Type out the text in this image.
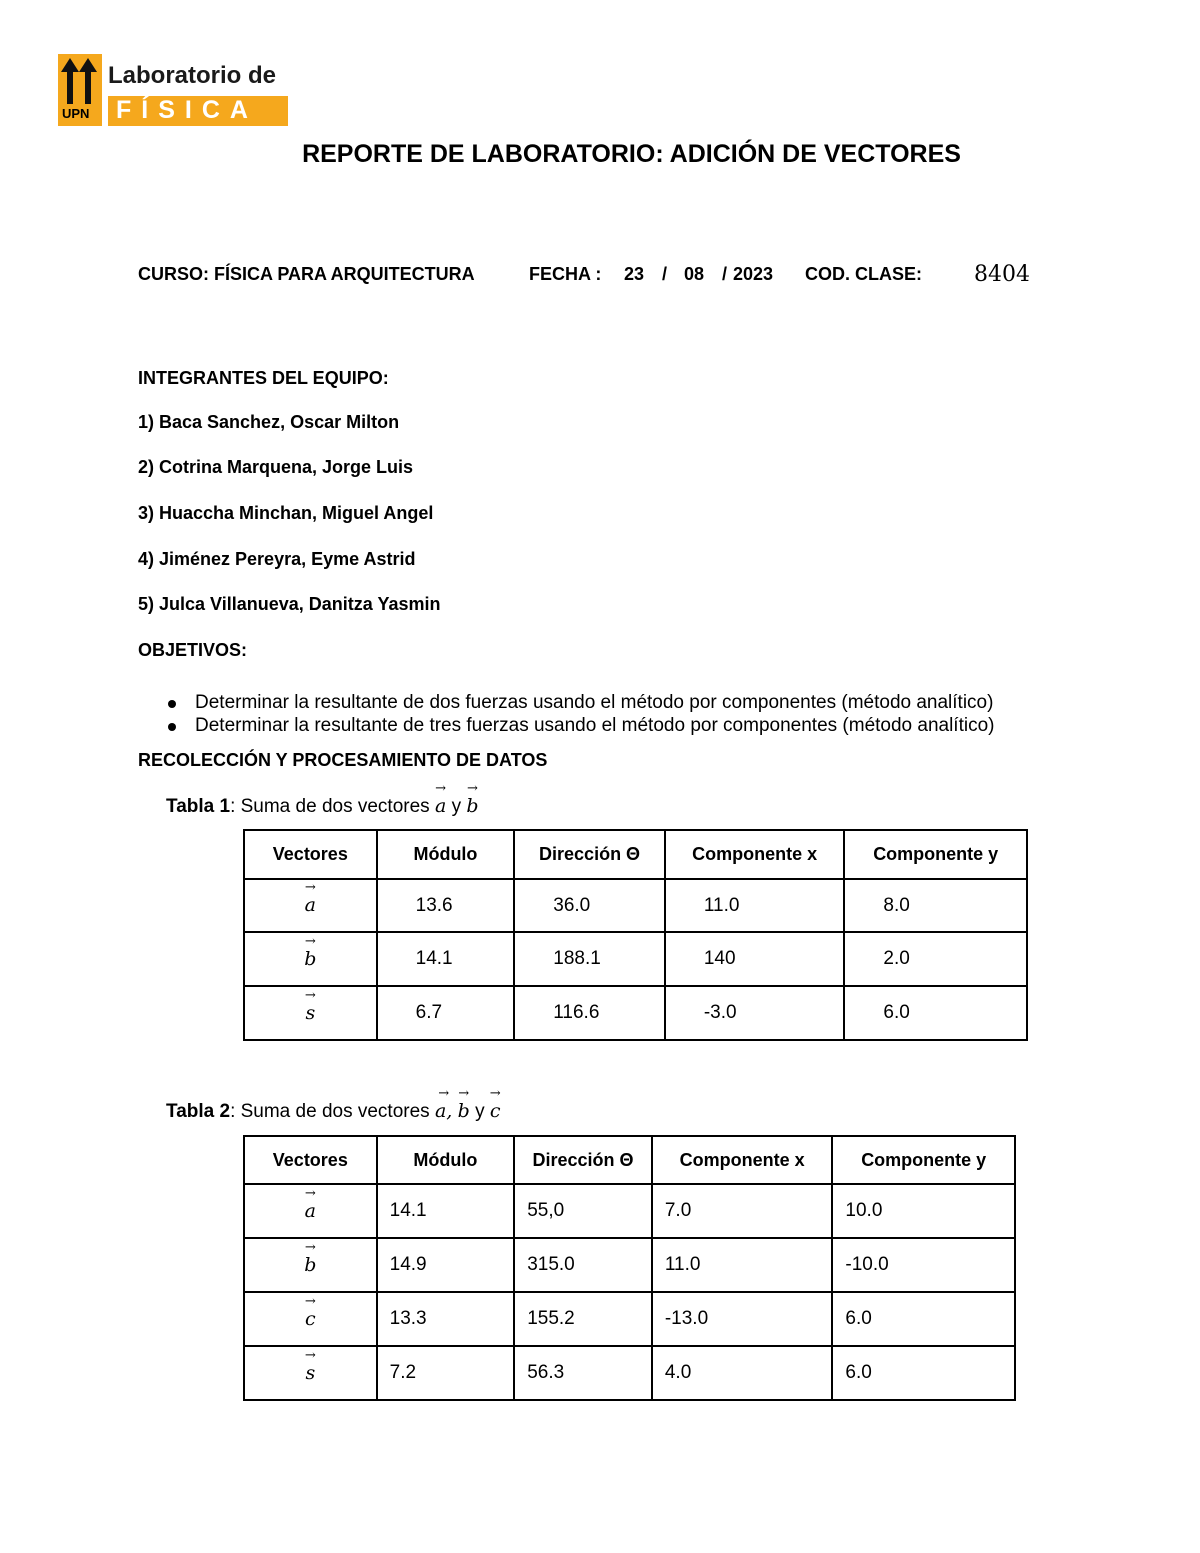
UPN
Laboratorio de
FÍSICA
REPORTE DE LABORATORIO: ADICIÓN DE VECTORES
CURSO: FÍSICA PARA ARQUITECTURA	FECHA : 23 / 08 / 2023 COD. CLASE: 8404
INTEGRANTES DEL EQUIPO:
1) Baca Sanchez, Oscar Milton
2) Cotrina Marquena, Jorge Luis
3) Huaccha Minchan, Miguel Angel
4) Jiménez Pereyra, Eyme Astrid
5) Julca Villanueva, Danitza Yasmin
OBJETIVOS:
Determinar la resultante de dos fuerzas usando el método por componentes (método analítico)
Determinar la resultante de tres fuerzas usando el método por componentes (método analítico)
RECOLECCIÓN Y PROCESAMIENTO DE DATOS
Tabla 1: Suma de dos vectores → a y → b
Vectores	Módulo	Dirección Θ	Componente x	Componente y
→ a	13.6	36.0	11.0	8.0
→ b	14.1	188.1	140	2.0
→ s	6.7	116.6	-3.0	6.0
Tabla 2: Suma de dos vectores → a, → b y → c
Vectores	Módulo	Dirección Θ	Componente x	Componente y
→ a	14.1	55,0	7.0	10.0
→ b	14.9	315.0	11.0	-10.0
→ c	13.3	155.2	-13.0	6.0
→ s	7.2	56.3	4.0	6.0
